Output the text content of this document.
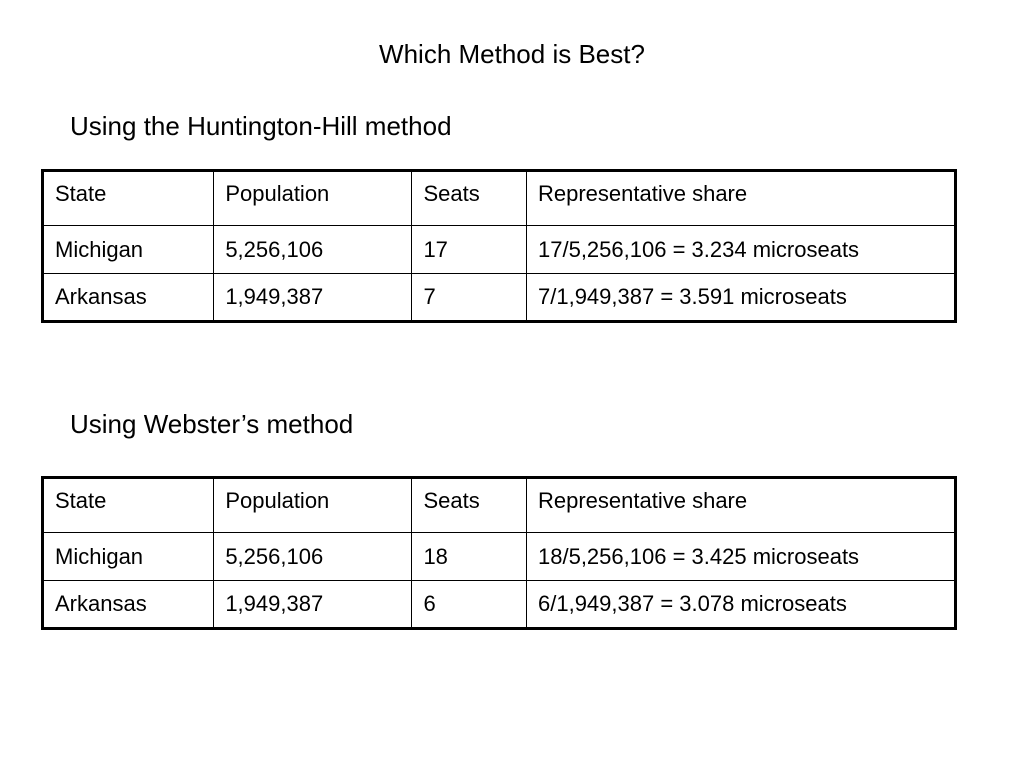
Which Method is Best?
Using the Huntington-Hill method
State	Population	Seats	Representative share
Michigan	5,256,106	17	17/5,256,106 = 3.234 microseats
Arkansas	1,949,387	7	7/1,949,387 = 3.591 microseats
Using Webster’s method
State	Population	Seats	Representative share
Michigan	5,256,106	18	18/5,256,106 = 3.425 microseats
Arkansas	1,949,387	6	6/1,949,387 = 3.078 microseats
